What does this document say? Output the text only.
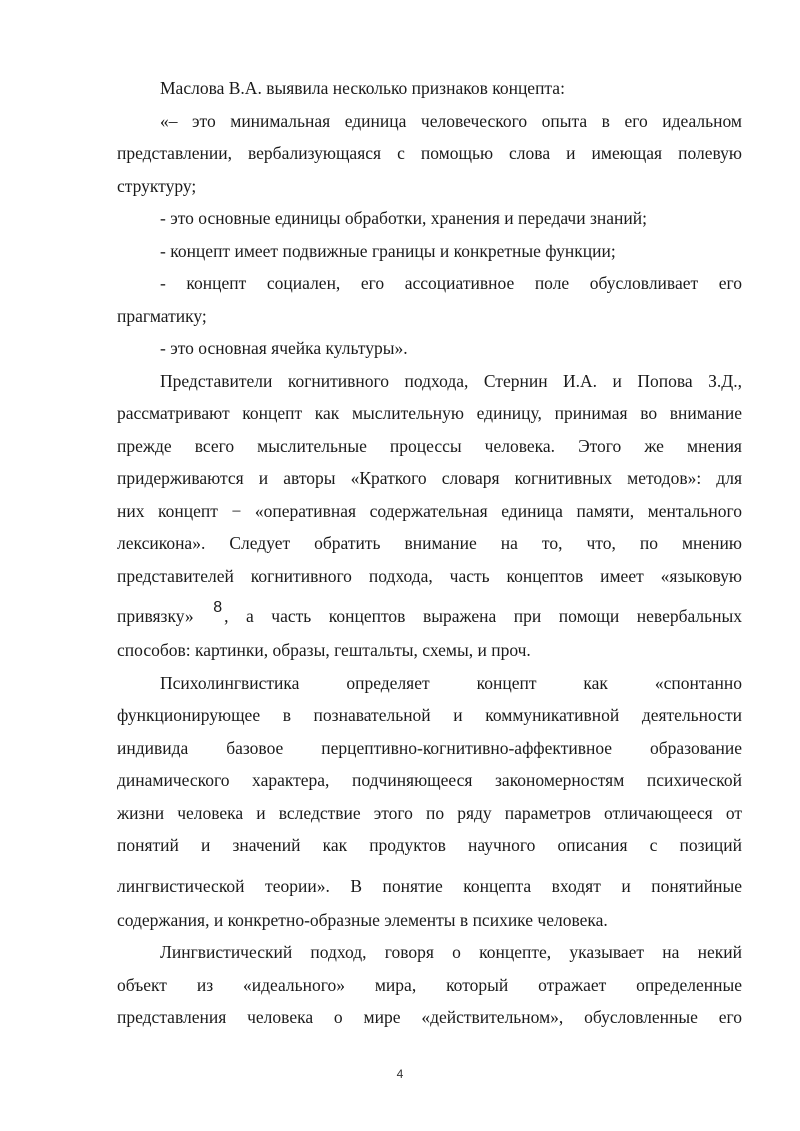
Маслова В.А. выявила несколько признаков концепта:
«– это минимальная единица человеческого опыта в его идеальном
представлении, вербализующаяся с помощью слова и имеющая полевую
структуру;
- это основные единицы обработки, хранения и передачи знаний;
- концепт имеет подвижные границы и конкретные функции;
- концепт социален, его ассоциативное поле обусловливает его
прагматику;
- это основная ячейка культуры».
Представители когнитивного подхода, Стернин И.А. и Попова З.Д.,
рассматривают концепт как мыслительную единицу, принимая во внимание
прежде всего мыслительные процессы человека. Этого же мнения
придерживаются и авторы «Краткого словаря когнитивных методов»: для
них концепт − «оперативная содержательная единица памяти, ментального
лексикона». Следует обратить внимание на то, что, по мнению
представителей когнитивного подхода, часть концептов имеет «языковую
привязку» 8 , а часть концептов выражена при помощи невербальных
способов: картинки, образы, гештальты, схемы, и проч.
Психолингвистика определяет концепт как «спонтанно
функционирующее в познавательной и коммуникативной деятельности
индивида базовое перцептивно-когнитивно-аффективное образование
динамического характера, подчиняющееся закономерностям психической
жизни человека и вследствие этого по ряду параметров отличающееся от
понятий и значений как продуктов научного описания с позиций
лингвистической теории». В понятие концепта входят и понятийные
содержания, и конкретно-образные элементы в психике человека.
Лингвистический подход, говоря о концепте, указывает на некий
объект из «идеального» мира, который отражает определенные
представления человека о мире «действительном», обусловленные его
4
